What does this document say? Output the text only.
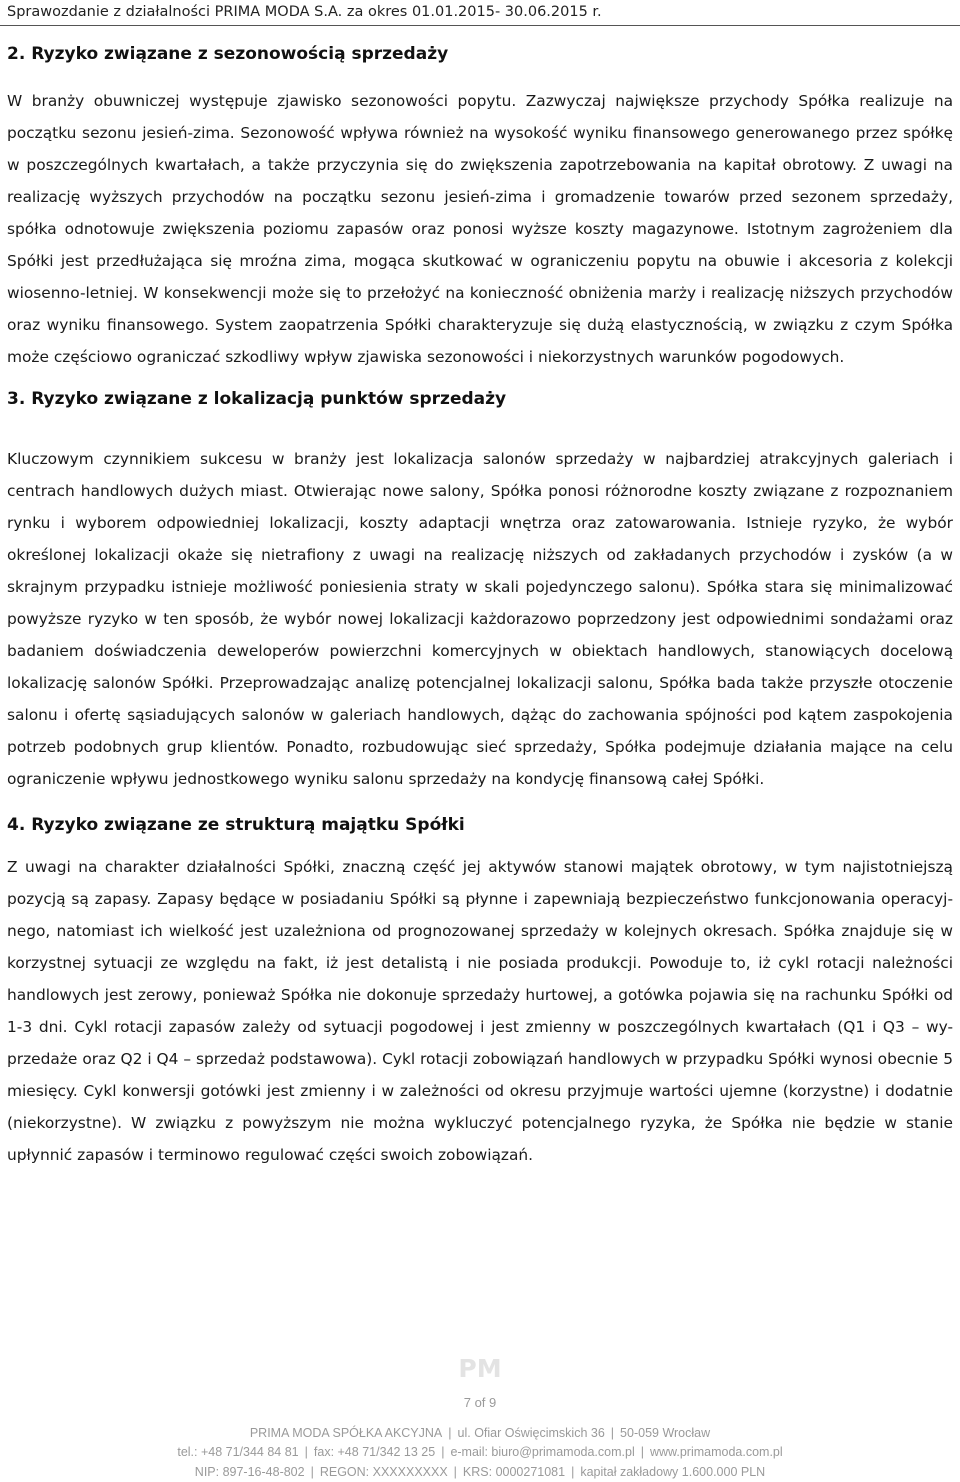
Sprawozdanie z działalności PRIMA MODA S.A. za okres 01.01.2015- 30.06.2015 r.
2. Ryzyko związane z sezonowością sprzedaży

W branży obuwniczej występuje zjawisko sezonowości popytu. Zazwyczaj największe przychody Spółka realizuje na początku sezonu jesień-zima. Sezonowość wpływa również na wysokość wyniku finansowego generowanego przez spółkę w poszczególnych kwartałach, a także przyczynia się do zwiększenia zapotrzebowania na kapitał obrotowy. Z uwagi na realizację wyższych przychodów na początku sezonu jesień-zima i gromadzenie towarów przed sezonem sprzedaży, spółka odnotowuje zwiększenia poziomu zapasów oraz ponosi wyższe koszty magazynowe. Istotnym zagrożeniem dla Spółki jest przedłużająca się mroźna zima, mogąca skutkować w ograniczeniu popytu na obuwie i akcesoria z kolekcji wiosenno-letniej. W konsekwencji może się to przełożyć na konieczność obniżenia marży i realizację niższych przychodów oraz wyniku finansowego. System zaopatrzenia Spółki charakteryzuje się dużą elastycznością, w związku z czym Spółka może częściowo ograniczać szkodliwy wpływ zjawiska sezonowości i niekorzystnych warunków pogodowych.

3. Ryzyko związane z lokalizacją punktów sprzedaży

Kluczowym czynnikiem sukcesu w branży jest lokalizacja salonów sprzedaży w najbardziej atrakcyjnych galeriach i centrach handlowych dużych miast. Otwierając nowe salony, Spółka ponosi różnorodne koszty związane z rozpoznaniem rynku i wyborem odpowiedniej lokalizacji, koszty adaptacji wnętrza oraz zatowarowania. Istnieje ryzyko, że wybór określonej lokalizacji okaże się nietrafiony z uwagi na realizację niższych od zakładanych przychodów i zysków (a w skrajnym przypadku istnieje możliwość poniesienia straty w skali pojedynczego salonu). Spółka stara się minimalizować powyższe ryzyko w ten sposób, że wybór nowej lokalizacji każdorazowo poprzedzony jest odpowiednimi sondażami oraz badaniem doświadczenia deweloperów powierzchni komercyjnych w obiektach handlowych, stanowiących docelową lokalizację salonów Spółki. Przeprowadzając analizę potencjalnej lokalizacji salonu, Spółka bada także przyszłe otoczenie salonu i ofertę sąsiadujących salonów w galeriach handlowych, dążąc do zachowania spójności pod kątem zaspokojenia potrzeb podobnych grup klientów. Ponadto, rozbudowując sieć sprzedaży, Spółka podejmuje działania mające na celu ograniczenie wpływu jednostkowego wyniku salonu sprzedaży na kondycję finansową całej Spółki.

4. Ryzyko związane ze strukturą majątku Spółki

Z uwagi na charakter działalności Spółki, znaczną część jej aktywów stanowi majątek obrotowy, w tym najistotniejszą pozycją są zapasy. Zapasy będące w posiadaniu Spółki są płynne i zapewniają bezpieczeństwo funkcjonowania operacyj-nego, natomiast ich wielkość jest uzależniona od prognozowanej sprzedaży w kolejnych okresach. Spółka znajduje się w korzystnej sytuacji ze względu na fakt, iż jest detalistą i nie posiada produkcji. Powoduje to, iż cykl rotacji należności handlowych jest zerowy, ponieważ Spółka nie dokonuje sprzedaży hurtowej, a gotówka pojawia się na rachunku Spółki od 1-3 dni. Cykl rotacji zapasów zależy od sytuacji pogodowej i jest zmienny w poszczególnych kwartałach (Q1 i Q3 – wy-przedaże oraz Q2 i Q4 – sprzedaż podstawowa). Cykl rotacji zobowiązań handlowych w przypadku Spółki wynosi obecnie 5 miesięcy. Cykl konwersji gotówki jest zmienny i w zależności od okresu przyjmuje wartości ujemne (korzystne) i dodatnie (niekorzystne). W związku z powyższym nie można wykluczyć potencjalnego ryzyka, że Spółka nie będzie w stanie upłynnić zapasów i terminowo regulować części swoich zobowiązań.

PM
7 of 9
PRIMA MODA SPÓŁKA AKCYJNA | ul. Ofiar Oświęcimskich 36 | 50-059 Wrocław
tel.: +48 71/344 84 81 | fax: +48 71/342 13 25 | e-mail: biuro@primamoda.com.pl | www.primamoda.com.pl
NIP: 897-16-48-802 | REGON: XXXXXXXXX | KRS: 0000271081 | kapitał zakładowy 1.600.000 PLN
